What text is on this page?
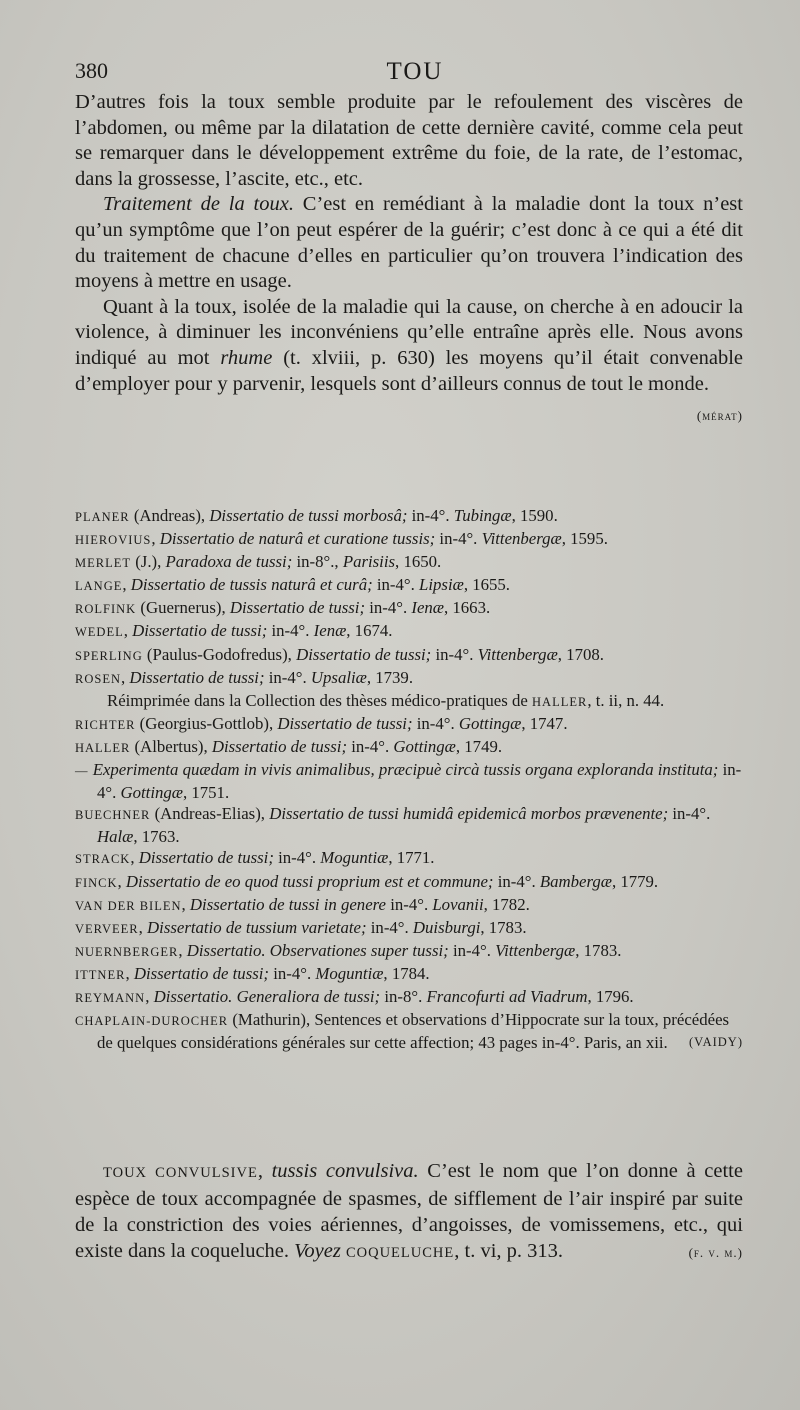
380	TOU

D’autres fois la toux semble produite par le refoulement des viscères de l’abdomen, ou même par la dilatation de cette dernière cavité, comme cela peut se remarquer dans le développement extrême du foie, de la rate, de l’estomac, dans la grossesse, l’ascite, etc., etc.

Traitement de la toux. C’est en remédiant à la maladie dont la toux n’est qu’un symptôme que l’on peut espérer de la guérir; c’est donc à ce qui a été dit du traitement de chacune d’elles en particulier qu’on trouvera l’indication des moyens à mettre en usage.

Quant à la toux, isolée de la maladie qui la cause, on cherche à en adoucir la violence, à diminuer les inconvéniens qu’elle entraîne après elle. Nous avons indiqué au mot rhume (t. xlviii, p. 630) les moyens qu’il était convenable d’employer pour y parvenir, lesquels sont d’ailleurs connus de tout le monde.
(mérat)

PLANER (Andreas), Dissertatio de tussi morbosâ; in-4°. Tubingæ, 1590.

HIEROVIUS, Dissertatio de naturâ et curatione tussis; in-4°. Vittenbergæ, 1595.

MERLET (J.), Paradoxa de tussi; in-8°., Parisiis, 1650.

LANGE, Dissertatio de tussis naturâ et curâ; in-4°. Lipsiæ, 1655.

ROLFINK (Guernerus), Dissertatio de tussi; in-4°. Ienæ, 1663.

WEDEL, Dissertatio de tussi; in-4°. Ienæ, 1674.

SPERLING (Paulus-Godofredus), Dissertatio de tussi; in-4°. Vittenbergæ, 1708.

ROSEN, Dissertatio de tussi; in-4°. Upsaliæ, 1739.

Réimprimée dans la Collection des thèses médico-pratiques de HALLER, t. ii, n. 44.

RICHTER (Georgius-Gottlob), Dissertatio de tussi; in-4°. Gottingæ, 1747.

HALLER (Albertus), Dissertatio de tussi; in-4°. Gottingæ, 1749.

— Experimenta quædam in vivis animalibus, præcipuè circà tussis organa exploranda instituta; in-4°. Gottingæ, 1751.

BUECHNER (Andreas-Elias), Dissertatio de tussi humidâ epidemicâ morbos prævenente; in-4°. Halæ, 1763.

STRACK, Dissertatio de tussi; in-4°. Moguntiæ, 1771.

FINCK, Dissertatio de eo quod tussi proprium est et commune; in-4°. Bambergæ, 1779.

VAN DER BILEN, Dissertatio de tussi in genere in-4°. Lovanii, 1782.

VERVEER, Dissertatio de tussium varietate; in-4°. Duisburgi, 1783.

NUERNBERGER, Dissertatio. Observationes super tussi; in-4°. Vittenbergæ, 1783.

ITTNER, Dissertatio de tussi; in-4°. Moguntiæ, 1784.

REYMANN, Dissertatio. Generaliora de tussi; in-8°. Francofurti ad Viadrum, 1796.

CHAPLAIN-DUROCHER (Mathurin), Sentences et observations d’Hippocrate sur la toux, précédées de quelques considérations générales sur cette affection; 43 pages in-4°. Paris, an xii. (VAIDY)

TOUX CONVULSIVE, tussis convulsiva. C’est le nom que l’on donne à cette espèce de toux accompagnée de spasmes, de sifflement de l’air inspiré par suite de la constriction des voies aériennes, d’angoisses, de vomissemens, etc., qui existe dans la coqueluche. Voyez COQUELUCHE, t. vi, p. 313.	(f. v. m.)
